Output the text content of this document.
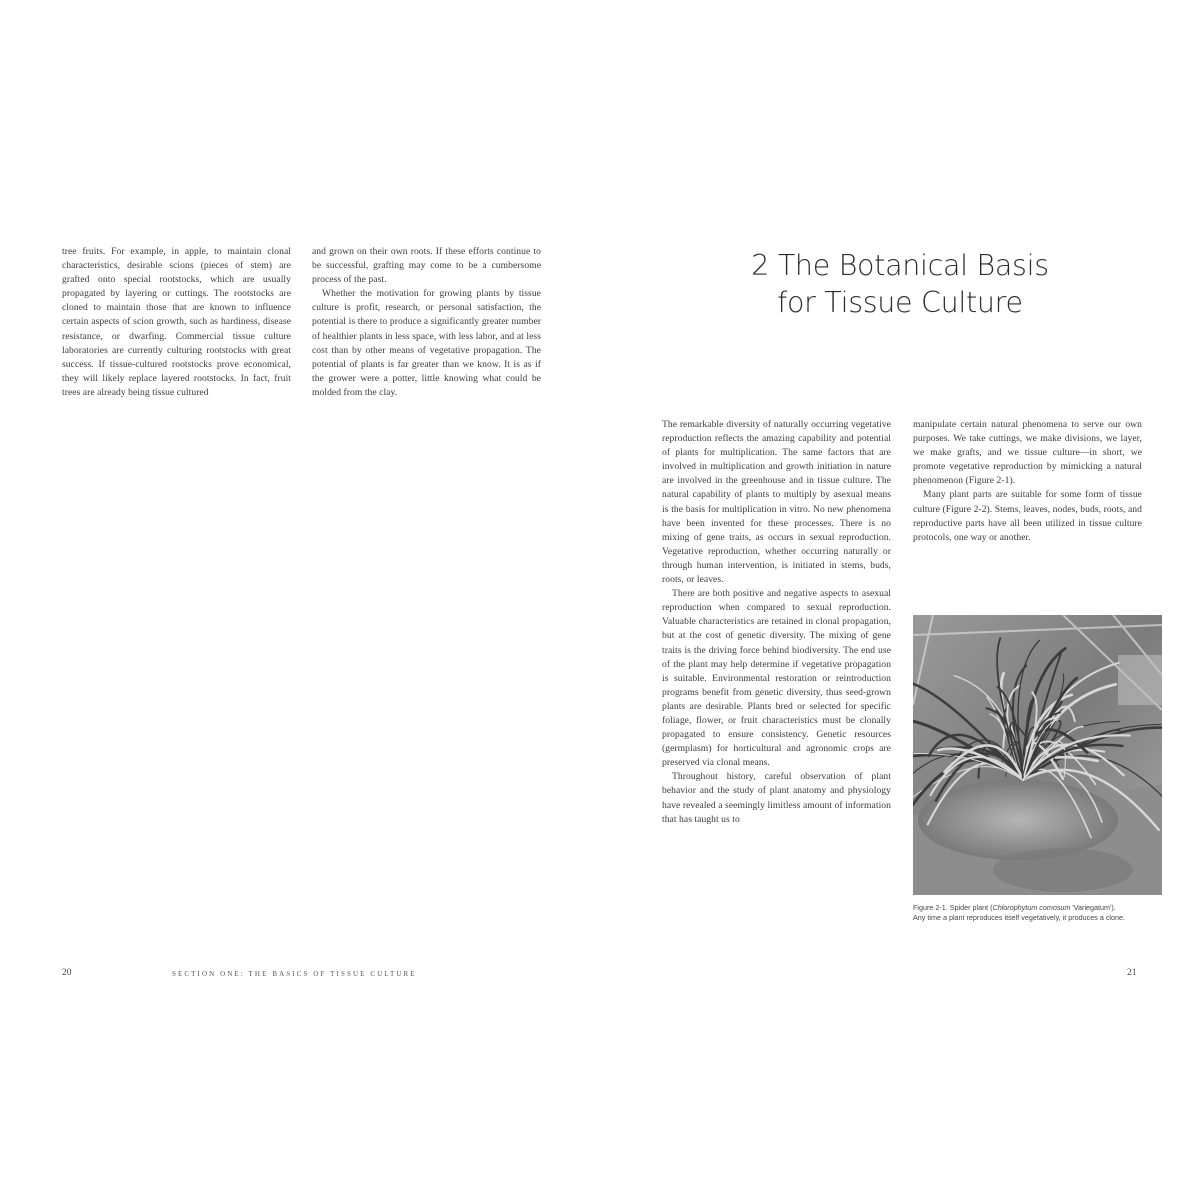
tree fruits. For example, in apple, to maintain clonal characteristics, desirable scions (pieces of stem) are grafted onto special rootstocks, which are usually propagated by layering or cuttings. The rootstocks are cloned to maintain those that are known to influence certain aspects of scion growth, such as hardiness, disease resistance, or dwarfing. Commercial tissue culture laboratories are currently culturing rootstocks with great success. If tissue-cultured rootstocks prove economical, they will likely replace layered rootstocks. In fact, fruit trees are already being tissue cultured

and grown on their own roots. If these efforts continue to be successful, grafting may come to be a cumbersome process of the past.

Whether the motivation for growing plants by tissue culture is profit, research, or personal satisfaction, the potential is there to produce a significantly greater number of healthier plants in less space, with less labor, and at less cost than by other means of vegetative propagation. The potential of plants is far greater than we know. It is as if the grower were a potter, little knowing what could be molded from the clay.

20	SECTION ONE: THE BASICS OF TISSUE CULTURE
2 The Botanical Basis
for Tissue Culture

The remarkable diversity of naturally occurring vegetative reproduction reflects the amazing capability and potential of plants for multiplication. The same factors that are involved in multiplication and growth initiation in nature are involved in the greenhouse and in tissue culture. The natural capability of plants to multiply by asexual means is the basis for multiplication in vitro. No new phenomena have been invented for these processes. There is no mixing of gene traits, as occurs in sexual reproduction. Vegetative reproduction, whether occurring naturally or through human intervention, is initiated in stems, buds, roots, or leaves.

There are both positive and negative aspects to asexual reproduction when compared to sexual reproduction. Valuable characteristics are retained in clonal propagation, but at the cost of genetic diversity. The mixing of gene traits is the driving force behind biodiversity. The end use of the plant may help determine if vegetative propagation is suitable. Environmental restoration or reintroduction programs benefit from genetic diversity, thus seed-grown plants are desirable. Plants bred or selected for specific foliage, flower, or fruit characteristics must be clonally propagated to ensure consistency. Genetic resources (germplasm) for horticultural and agronomic crops are preserved via clonal means.

Throughout history, careful observation of plant behavior and the study of plant anatomy and physiology have revealed a seemingly limitless amount of information that has taught us to

manipulate certain natural phenomena to serve our own purposes. We take cuttings, we make divisions, we layer, we make grafts, and we tissue culture—in short, we promote vegetative reproduction by mimicking a natural phenomenon (Figure 2-1).

Many plant parts are suitable for some form of tissue culture (Figure 2-2). Stems, leaves, nodes, buds, roots, and reproductive parts have all been utilized in tissue culture protocols, one way or another.

Figure 2-1. Spider plant (Chlorophytum comosum 'Variegatum'). Any time a plant reproduces itself vegetatively, it produces a clone.
21
